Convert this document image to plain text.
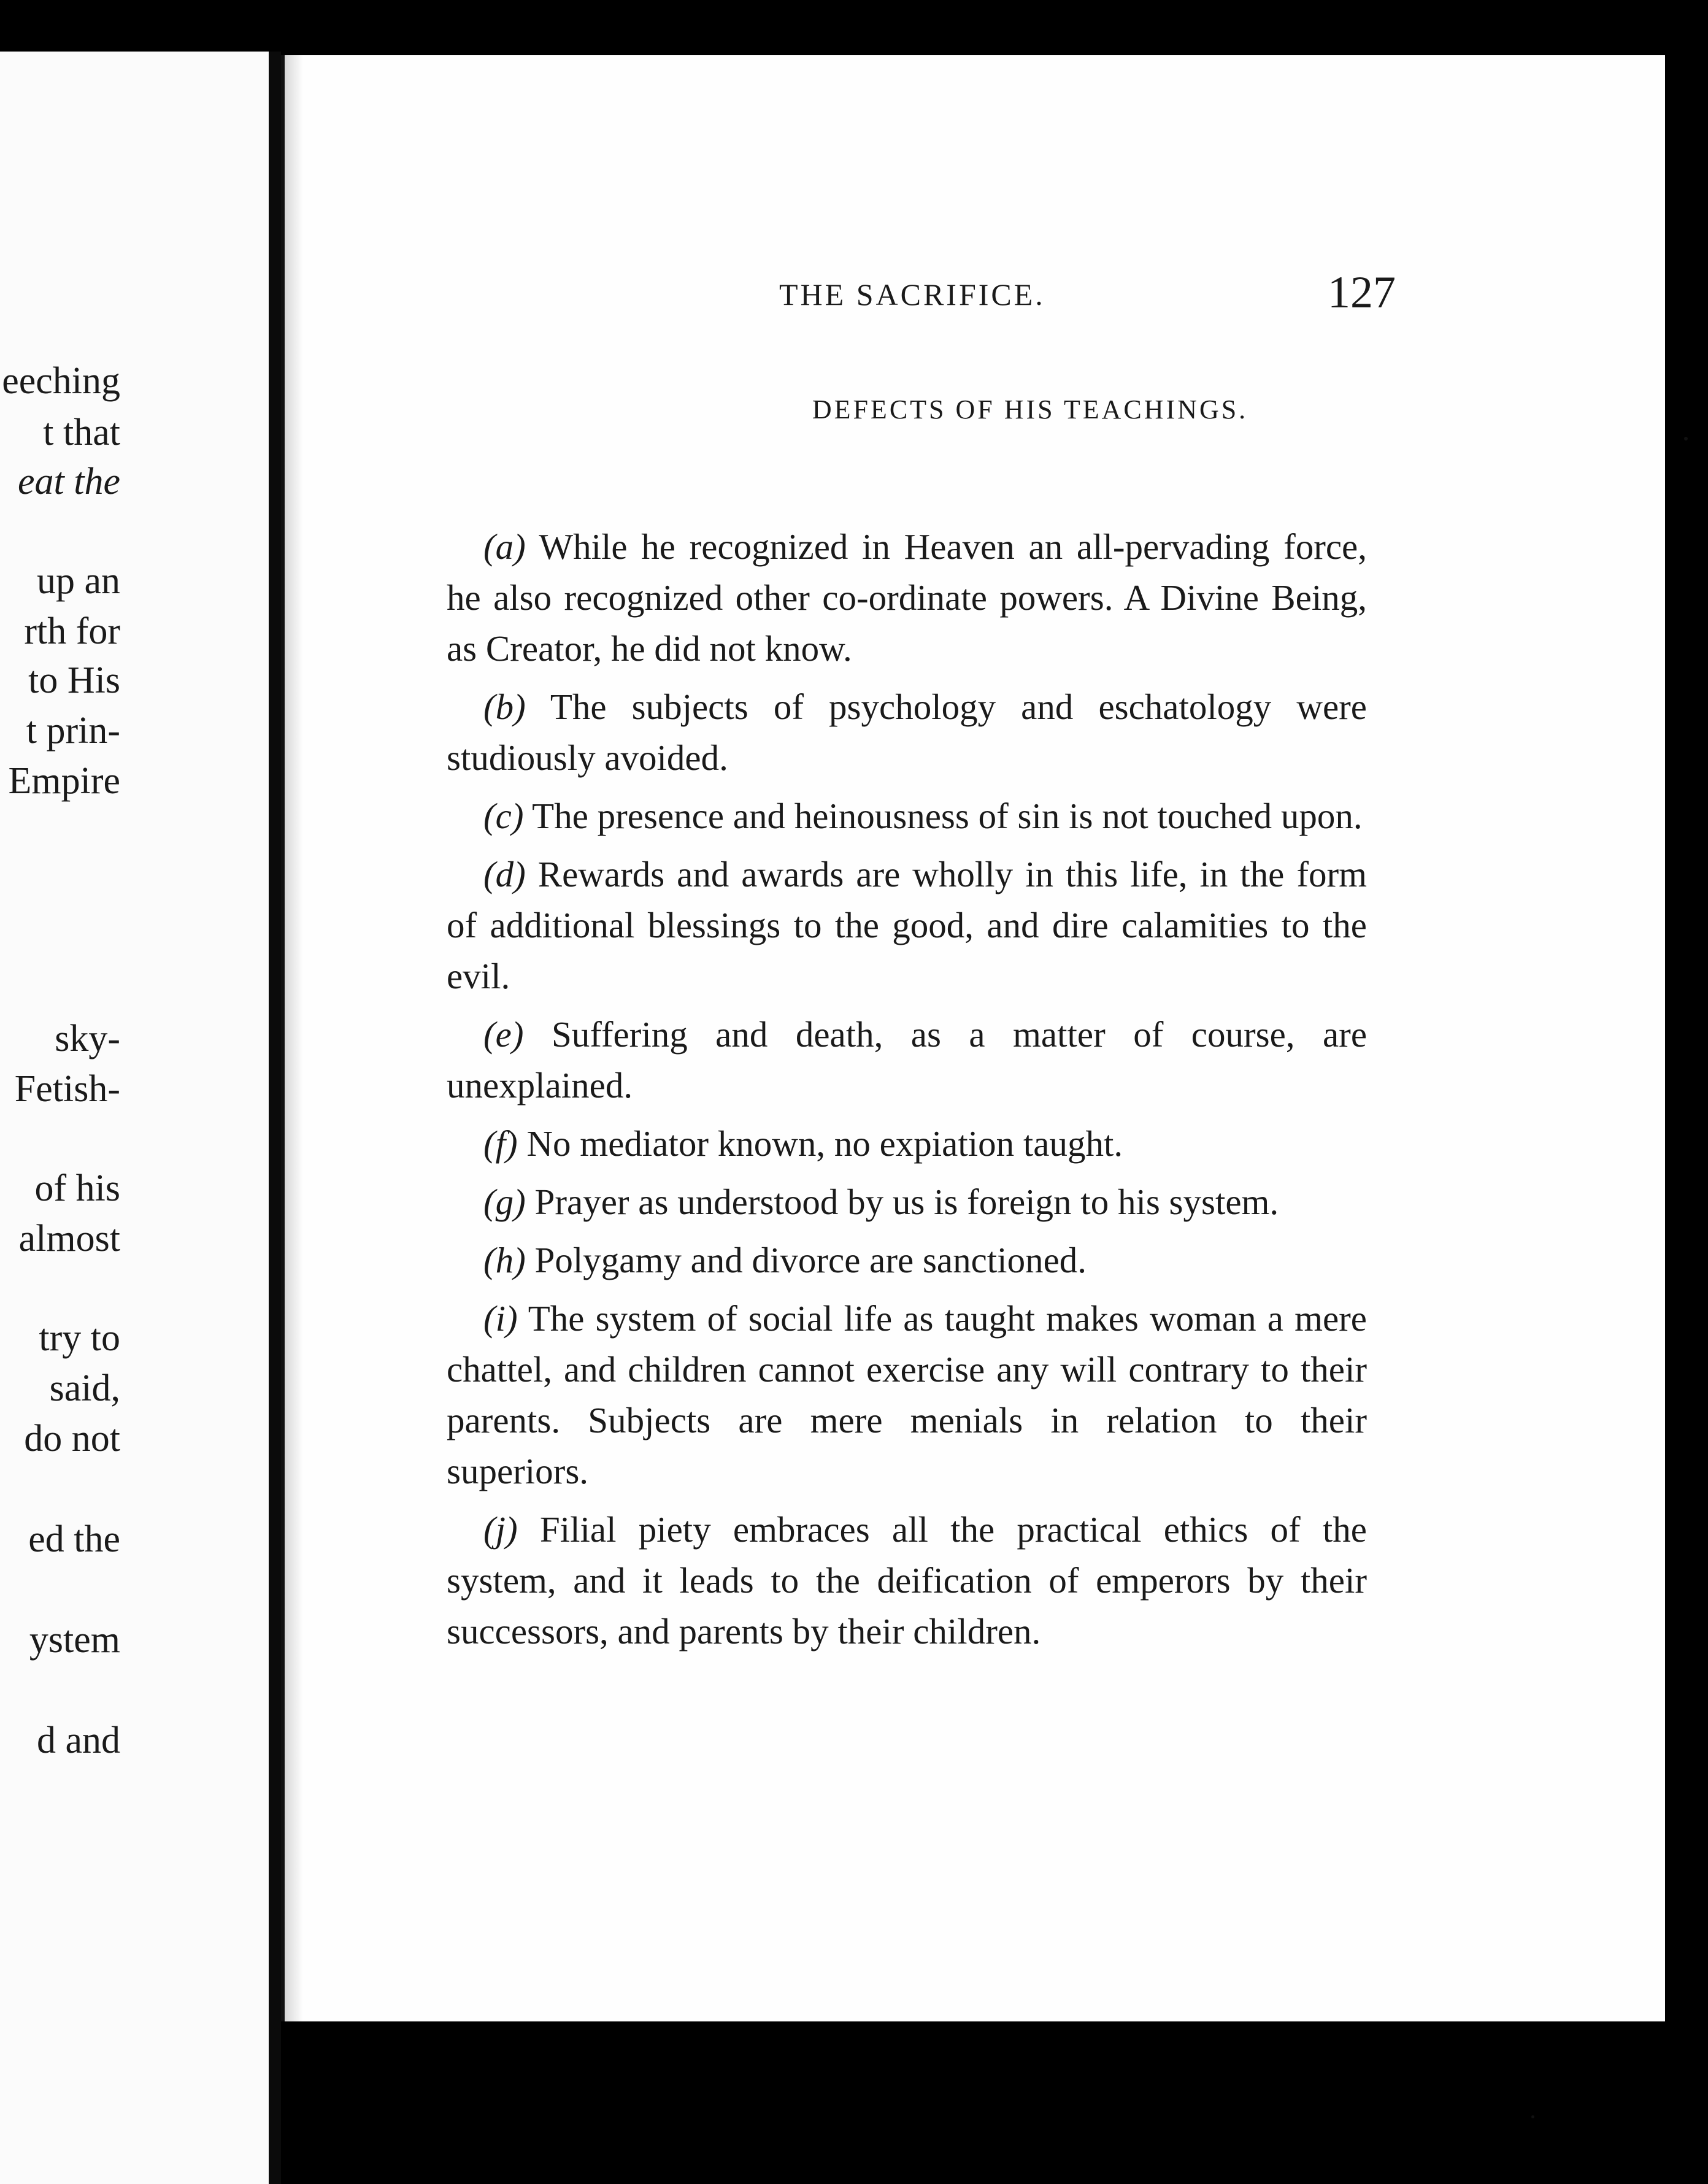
eeching
t that
eat the
up an
rth for
to His
t prin-
Empire
sky-
Fetish-
of his
almost
try to
said,
do not
ed the
ystem
d and
THE SACRIFICE.	127
DEFECTS OF HIS TEACHINGS.
(a) While he recognized in Heaven an all-pervading force, he also recognized other co-ordinate powers. A Divine Being, as Creator, he did not know.
(b) The subjects of psychology and eschatology were studiously avoided.
(c) The presence and heinousness of sin is not touched upon.
(d) Rewards and awards are wholly in this life, in the form of additional blessings to the good, and dire calamities to the evil.
(e) Suffering and death, as a matter of course, are unexplained.
(f) No mediator known, no expiation taught.
(g) Prayer as understood by us is foreign to his system.
(h) Polygamy and divorce are sanctioned.
(i) The system of social life as taught makes woman a mere chattel, and children cannot exercise any will contrary to their parents. Subjects are mere menials in relation to their superiors.
(j) Filial piety embraces all the practical ethics of the system, and it leads to the deification of emperors by their successors, and parents by their children.
